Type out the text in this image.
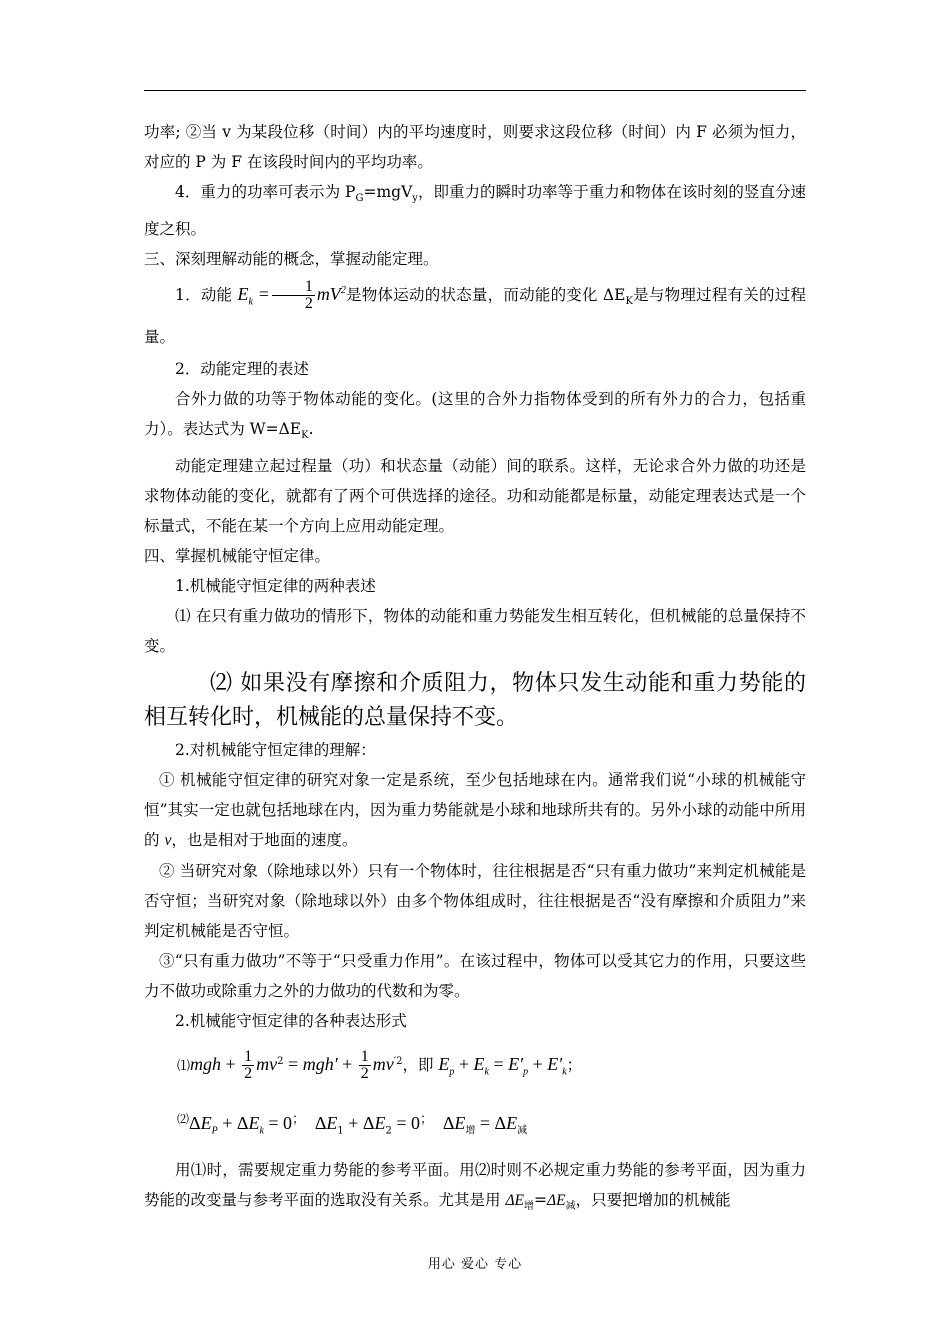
功率; ②当 v 为某段位移（时间）内的平均速度时，则要求这段位移（时间）内 F 必须为恒力，对应的 P 为 F 在该段时间内的平均功率。

4．重力的功率可表示为 $P_G=mgV_y$，即重力的瞬时功率等于重力和物体在该时刻的竖直分速度之积。

三、深刻理解动能的概念，掌握动能定理。

1．动能 $E_k = \frac{1}{2} mV^2$是物体运动的状态量，而动能的变化 $\Delta E_K$是与物理过程有关的过程量。

2．动能定理的表述

合外力做的功等于物体动能的变化。(这里的合外力指物体受到的所有外力的合力，包括重力）。表达式为 $W=\Delta E_K$.

动能定理建立起过程量（功）和状态量（动能）间的联系。这样，无论求合外力做的功还是求物体动能的变化，就都有了两个可供选择的途径。功和动能都是标量，动能定理表达式是一个标量式，不能在某一个方向上应用动能定理。

四、掌握机械能守恒定律。

1.机械能守恒定律的两种表述

⑴ 在只有重力做功的情形下，物体的动能和重力势能发生相互转化，但机械能的总量保持不变。

⑵ 如果没有摩擦和介质阻力，物体只发生动能和重力势能的相互转化时，机械能的总量保持不变。

2.对机械能守恒定律的理解：

① 机械能守恒定律的研究对象一定是系统，至少包括地球在内。通常我们说“小球的机械能守恒”其实一定也就包括地球在内，因为重力势能就是小球和地球所共有的。另外小球的动能中所用的 v，也是相对于地面的速度。

② 当研究对象（除地球以外）只有一个物体时，往往根据是否“只有重力做功”来判定机械能是否守恒；当研究对象（除地球以外）由多个物体组成时，往往根据是否“没有摩擦和介质阻力”来判定机械能是否守恒。

③“只有重力做功”不等于“只受重力作用”。在该过程中，物体可以受其它力的作用，只要这些力不做功或除重力之外的力做功的代数和为零。

2.机械能守恒定律的各种表达形式

⑴mgh + $\frac{1}{2} mv^2 = mgh' + \frac{1}{2} mv^{'2}$，即 $E_p + E_k = E'_p + E'_k$；
$^⑵\Delta E_P + \Delta E_k = 0^;$ $\Delta E_1 + \Delta E_2 = 0^;$ $\Delta E_增 = \Delta E_减$

用⑴时，需要规定重力势能的参考平面。用⑵时则不必规定重力势能的参考平面，因为重力势能的改变量与参考平面的选取没有关系。尤其是用 $\Delta E_增=\Delta E_减$，只要把增加的机械能

用心 爱心 专心
